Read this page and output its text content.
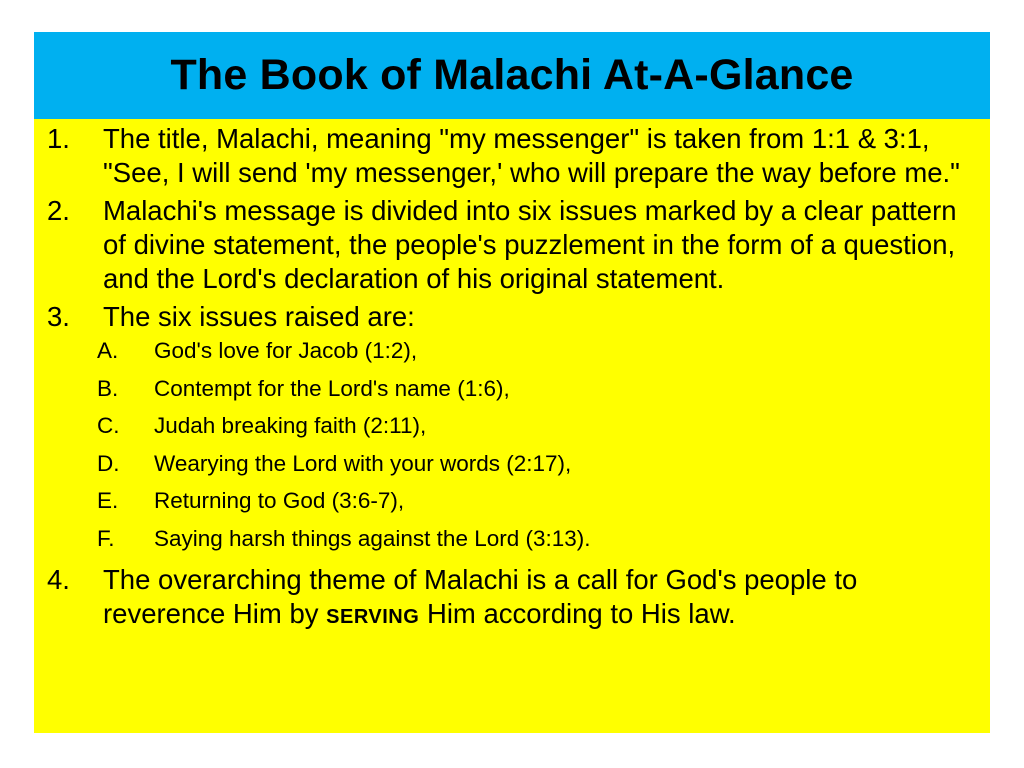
The Book of Malachi At-A-Glance
1. The title, Malachi, meaning "my messenger" is taken from 1:1 & 3:1, "See, I will send 'my messenger,' who will prepare the way before me."
2. Malachi's message is divided into six issues marked by a clear pattern of divine statement, the people's puzzlement in the form of a question, and the Lord's declaration of his original statement.
3. The six issues raised are:
A. God's love for Jacob (1:2),
B. Contempt for the Lord's name (1:6),
C. Judah breaking faith (2:11),
D. Wearying the Lord with your words (2:17),
E. Returning to God (3:6-7),
F. Saying harsh things against the Lord (3:13).
4. The overarching theme of Malachi is a call for God's people to reverence Him by SERVING Him according to His law.
